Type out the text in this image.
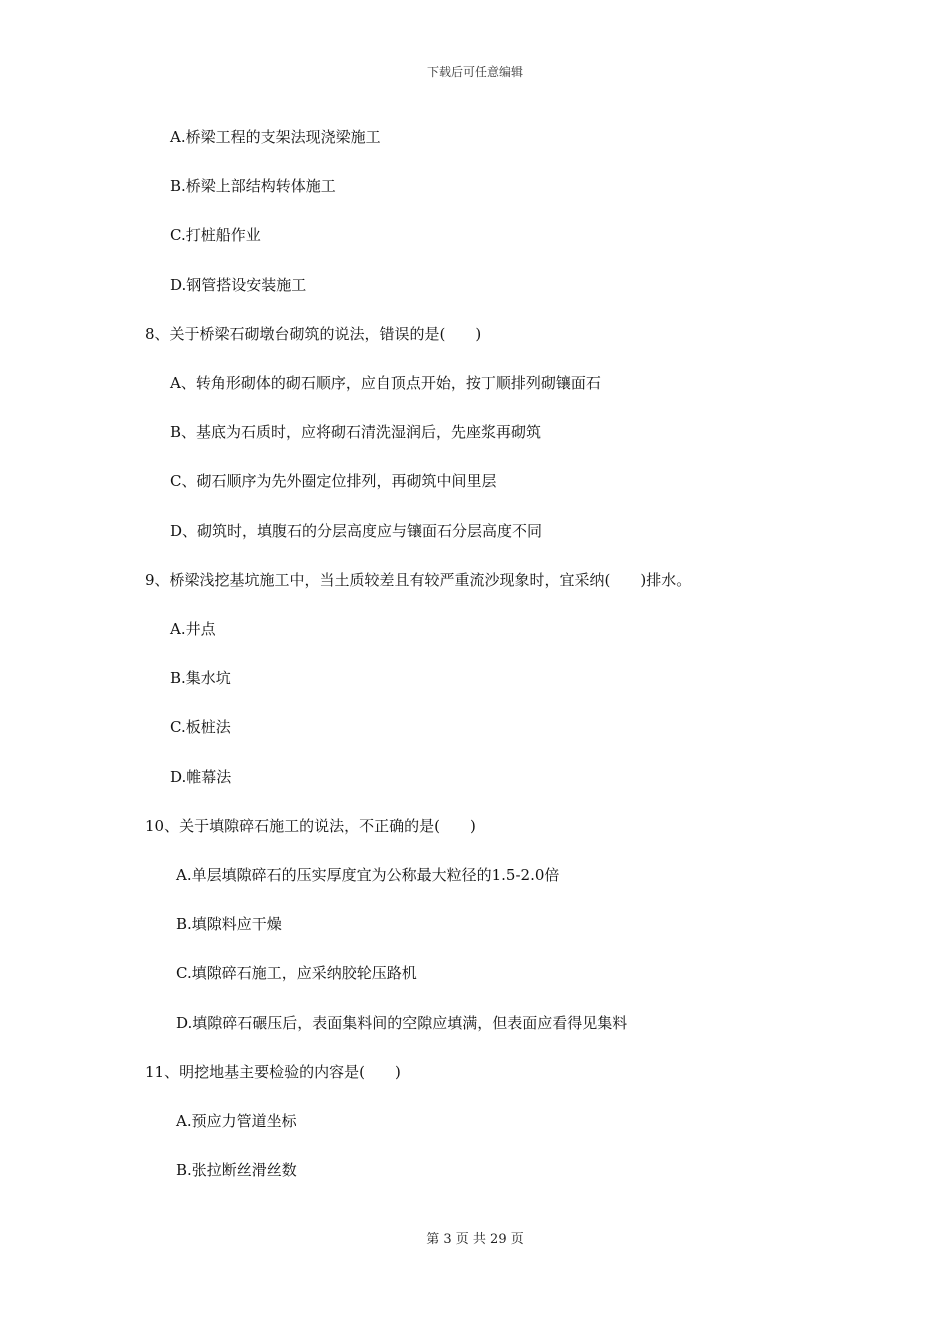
下载后可任意编辑
A.桥梁工程的支架法现浇梁施工
B.桥梁上部结构转体施工
C.打桩船作业
D.钢管搭设安装施工
8、关于桥梁石砌墩台砌筑的说法，错误的是(　　)
A、转角形砌体的砌石顺序，应自顶点开始，按丁顺排列砌镶面石
B、基底为石质时，应将砌石清洗湿润后，先座浆再砌筑
C、砌石顺序为先外圈定位排列，再砌筑中间里层
D、砌筑时，填腹石的分层高度应与镶面石分层高度不同
9、桥梁浅挖基坑施工中，当土质较差且有较严重流沙现象时，宜采纳(　　)排水。
A.井点
B.集水坑
C.板桩法
D.帷幕法
10、关于填隙碎石施工的说法，不正确的是(　　)
A.单层填隙碎石的压实厚度宜为公称最大粒径的1.5-2.0倍
B.填隙料应干燥
C.填隙碎石施工，应采纳胶轮压路机
D.填隙碎石碾压后，表面集料间的空隙应填满，但表面应看得见集料
11、明挖地基主要检验的内容是(　　)
A.预应力管道坐标
B.张拉断丝滑丝数
第 3 页 共 29 页
